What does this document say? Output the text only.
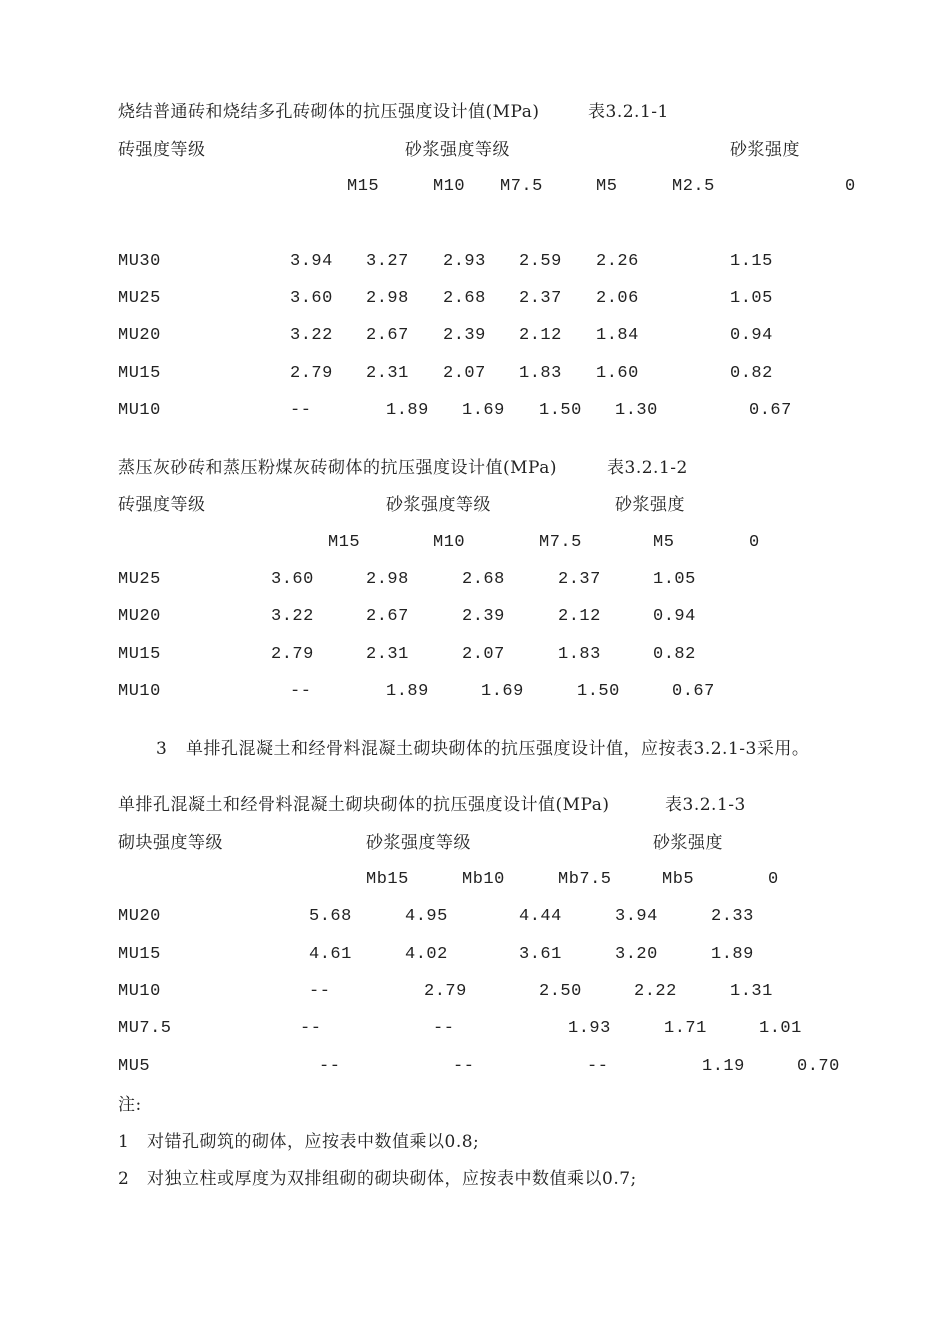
烧结普通砖和烧结多孔砖砌体的抗压强度设计值(MPa)	表3.2.1-1
砖强度等级	砂浆强度等级	砂浆强度
M15	M10 M7.5	M5	M2.5	0
MU30	3.94 3.27 2.93 2.59 2.26	1.15
MU25	3.60 2.98 2.68 2.37 2.06	1.05
MU20	3.22 2.67 2.39 2.12 1.84	0.94
MU15	2.79 2.31 2.07 1.83 1.60	0.82
MU10	--	1.89 1.69 1.50 1.30	0.67
蒸压灰砂砖和蒸压粉煤灰砖砌体的抗压强度设计值(MPa)	表3.2.1-2
砖强度等级	砂浆强度等级	砂浆强度
M15	M10	M7.5	M5	0
MU25	3.60	2.98	2.68	2.37	1.05
MU20	3.22	2.67	2.39	2.12	0.94
MU15	2.79	2.31	2.07	1.83	0.82
MU10	--	1.89	1.69	1.50	0.67
3 单排孔混凝土和经骨料混凝土砌块砌体的抗压强度设计值，应按表3.2.1-3采用。
单排孔混凝土和经骨料混凝土砌块砌体的抗压强度设计值(MPa)	表3.2.1-3
砌块强度等级	砂浆强度等级	砂浆强度
Mb15	Mb10	Mb7.5	Mb5	0
MU20	5.68	4.95	4.44	3.94	2.33
MU15	4.61	4.02	3.61	3.20	1.89
MU10	--	2.79	2.50	2.22	1.31
MU7.5	--	--	1.93	1.71	1.01
MU5	--	--	--	1.19	0.70
注:
1 对错孔砌筑的砌体，应按表中数值乘以0.8;
2 对独立柱或厚度为双排组砌的砌块砌体，应按表中数值乘以0.7;
